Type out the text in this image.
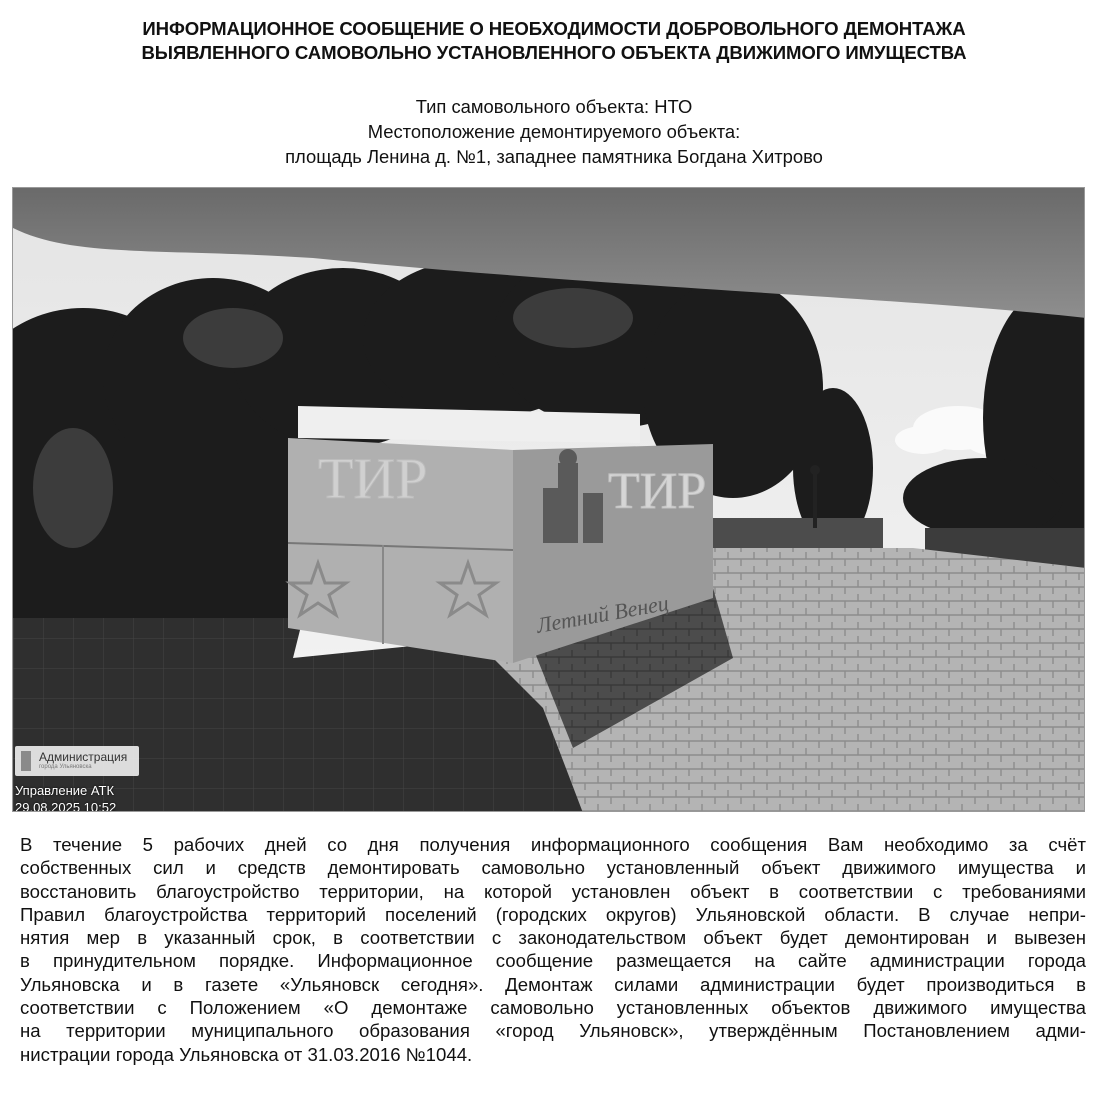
ИНФОРМАЦИОННОЕ СООБЩЕНИЕ О НЕОБХОДИМОСТИ ДОБРОВОЛЬНОГО ДЕМОНТАЖА
ВЫЯВЛЕННОГО САМОВОЛЬНО УСТАНОВЛЕННОГО ОБЪЕКТА ДВИЖИМОГО ИМУЩЕСТВА
Тип самовольного объекта: НТО
Местоположение демонтируемого объекта:
площадь Ленина д. №1, западнее памятника Богдана Хитрово
ТИР	ТИР
Летний Венец
Администрация
города Ульяновска
Управление АТК
29.08.2025 10:52
В течение 5 рабочих дней со дня получения информационного сообщения Вам необходимо за счёт
собственных сил и средств демонтировать самовольно установленный объект движимого имущества и
восстановить благоустройство территории, на которой установлен объект в соответствии с требованиями
Правил благоустройства территорий поселений (городских округов) Ульяновской области. В случае непри-
нятия мер в указанный срок, в соответствии с законодательством объект будет демонтирован и вывезен
в принудительном порядке. Информационное сообщение размещается на сайте администрации города
Ульяновска и в газете «Ульяновск сегодня». Демонтаж силами администрации будет производиться в
соответствии с Положением «О демонтаже самовольно установленных объектов движимого имущества
на территории муниципального образования «город Ульяновск», утверждённым Постановлением адми-
нистрации города Ульяновска от 31.03.2016 №1044.
